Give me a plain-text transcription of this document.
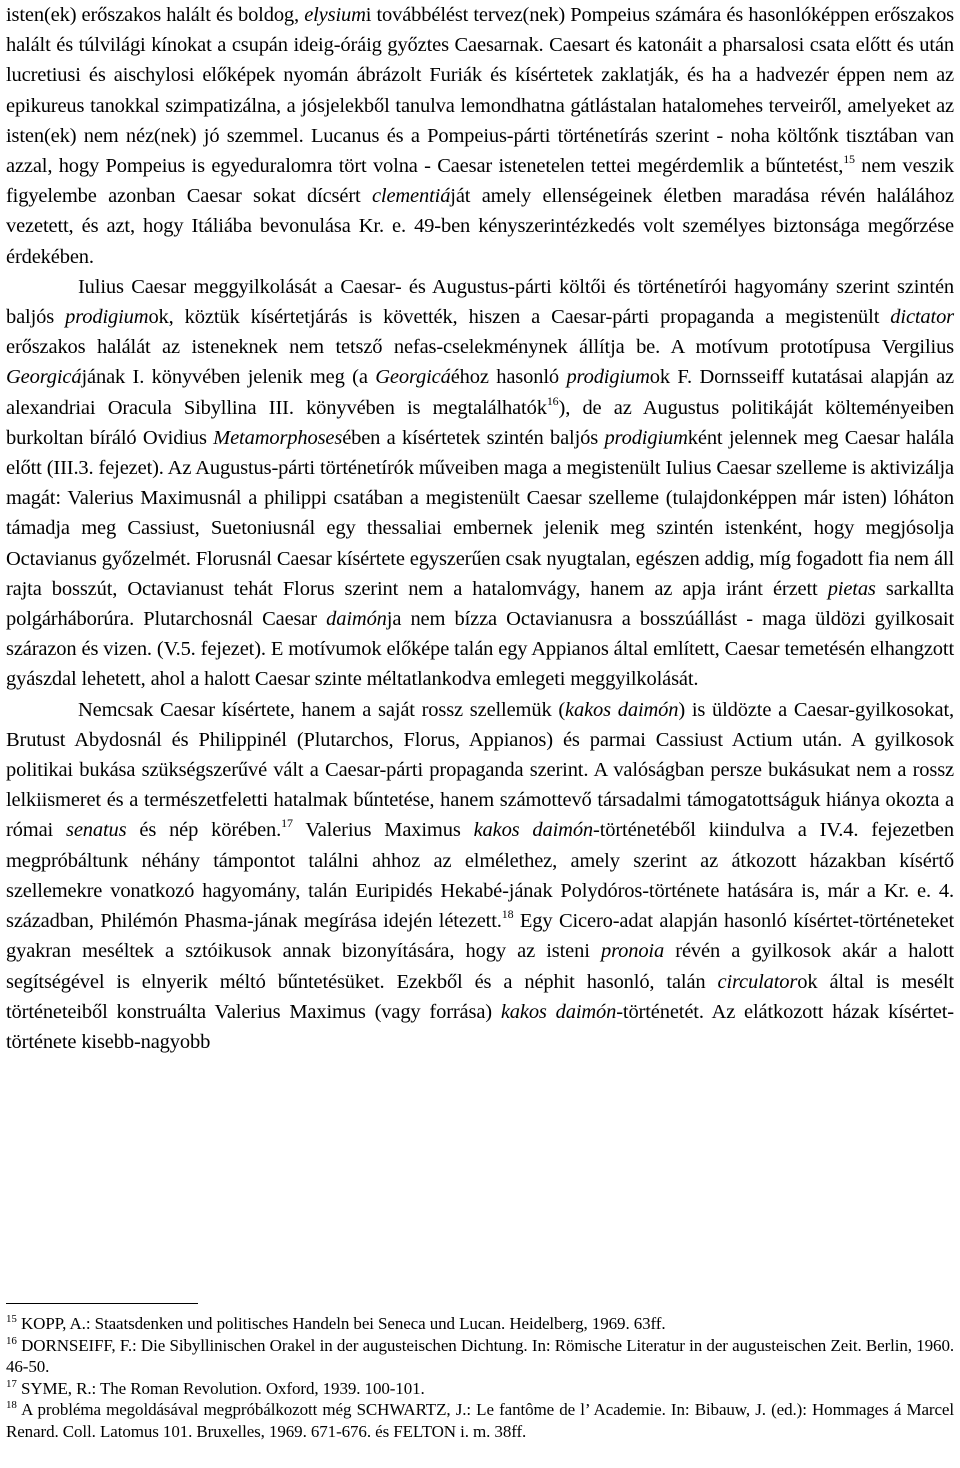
isten(ek) erőszakos halált és boldog, elysiumi továbbélést tervez(nek) Pompeius számára és hasonlóképpen erőszakos halált és túlvilági kínokat a csupán ideig-óráig győztes Caesarnak. Caesart és katonáit a pharsalosi csata előtt és után lucretiusi és aischylosi előképek nyomán ábrázolt Furiák és kísértetek zaklatják, és ha a hadvezér éppen nem az epikureus tanokkal szimpatizálna, a jósjelekből tanulva lemondhatna gátlástalan hatalomehes terveiről, amelyeket az isten(ek) nem néz(nek) jó szemmel. Lucanus és a Pompeius-párti történetírás szerint - noha költőnk tisztában van azzal, hogy Pompeius is egyeduralomra tört volna - Caesar istenetelen tettei megérdemlik a bűntetést,$^{15}$ nem veszik figyelembe azonban Caesar sokat dícsért clementiáját amely ellenségeinek életben maradása révén halálához vezetett, és azt, hogy Itáliába bevonulása Kr. e. 49-ben kényszerintézkedés volt személyes biztonsága megőrzése érdekében.
Iulius Caesar meggyilkolását a Caesar- és Augustus-párti költői és történetírói hagyomány szerint szintén baljós prodigiumok, köztük kísértetjárás is követték, hiszen a Caesar-párti propaganda a megistenült dictator erőszakos halálát az isteneknek nem tetsző nefas-cselekménynek állítja be. A motívum prototípusa Vergilius Georgicájának I. könyvében jelenik meg (a Georgicáéhoz hasonló prodigiumok F. Dornsseiff kutatásai alapján az alexandriai Oracula Sibyllina III. könyvében is megtalálhatók$^{16}$), de az Augustus politikáját költeményeiben burkoltan bíráló Ovidius Metamorphosesében a kísértetek szintén baljós prodigiumként jelennek meg Caesar halála előtt (III.3. fejezet). Az Augustus-párti történetírók műveiben maga a megistenült Iulius Caesar szelleme is aktivizálja magát: Valerius Maximusnál a philippi csatában a megistenült Caesar szelleme (tulajdonképpen már isten) lóháton támadja meg Cassiust, Suetoniusnál egy thessaliai embernek jelenik meg szintén istenként, hogy megjósolja Octavianus győzelmét. Florusnál Caesar kísértete egyszerűen csak nyugtalan, egészen addig, míg fogadott fia nem áll rajta bosszút, Octavianust tehát Florus szerint nem a hatalomvágy, hanem az apja iránt érzett pietas sarkallta polgárháborúra. Plutarchosnál Caesar daimónja nem bízza Octavianusra a bosszúállást - maga üldözi gyilkosait szárazon és vizen. (V.5. fejezet). E motívumok előképe talán egy Appianos által említett, Caesar temetésén elhangzott gyászdal lehetett, ahol a halott Caesar szinte méltatlankodva emlegeti meggyilkolását.
Nemcsak Caesar kísértete, hanem a saját rossz szellemük (kakos daimón) is üldözte a Caesar-gyilkosokat, Brutust Abydosnál és Philippinél (Plutarchos, Florus, Appianos) és parmai Cassiust Actium után. A gyilkosok politikai bukása szükségszerűvé vált a Caesar-párti propaganda szerint. A valóságban persze bukásukat nem a rossz lelkiismeret és a természetfeletti hatalmak bűntetése, hanem számottevő társadalmi támogatottságuk hiánya okozta a római senatus és nép körében.$^{17}$ Valerius Maximus kakos daimón-történetéből kiindulva a IV.4. fejezetben megpróbáltunk néhány támpontot találni ahhoz az elmélethez, amely szerint az átkozott házakban kísértő szellemekre vonatkozó hagyomány, talán Euripidés Hekabé-jának Polydóros-története hatására is, már a Kr. e. 4. században, Philémón Phasma-jának megírása idején létezett.$^{18}$ Egy Cicero-adat alapján hasonló kísértet-történeteket gyakran meséltek a sztóikusok annak bizonyítására, hogy az isteni pronoia révén a gyilkosok akár a halott segítségével is elnyerik méltó bűntetésüket. Ezekből és a néphit hasonló, talán circulatorok által is mesélt történeteiből konstruálta Valerius Maximus (vagy forrása) kakos daimón-történetét. Az elátkozott házak kísértet-története kisebb-nagyobb
$^{15}$ KOPP, A.: Staatsdenken und politisches Handeln bei Seneca und Lucan. Heidelberg, 1969. 63ff.
$^{16}$ DORNSEIFF, F.: Die Sibyllinischen Orakel in der augusteischen Dichtung. In: Römische Literatur in der augusteischen Zeit. Berlin, 1960. 46-50.
$^{17}$ SYME, R.: The Roman Revolution. Oxford, 1939. 100-101.
$^{18}$ A probléma megoldásával megpróbálkozott még SCHWARTZ, J.: Le fantôme de l’ Academie. In: Bibauw, J. (ed.): Hommages á Marcel Renard. Coll. Latomus 101. Bruxelles, 1969. 671-676. és FELTON i. m. 38ff.
